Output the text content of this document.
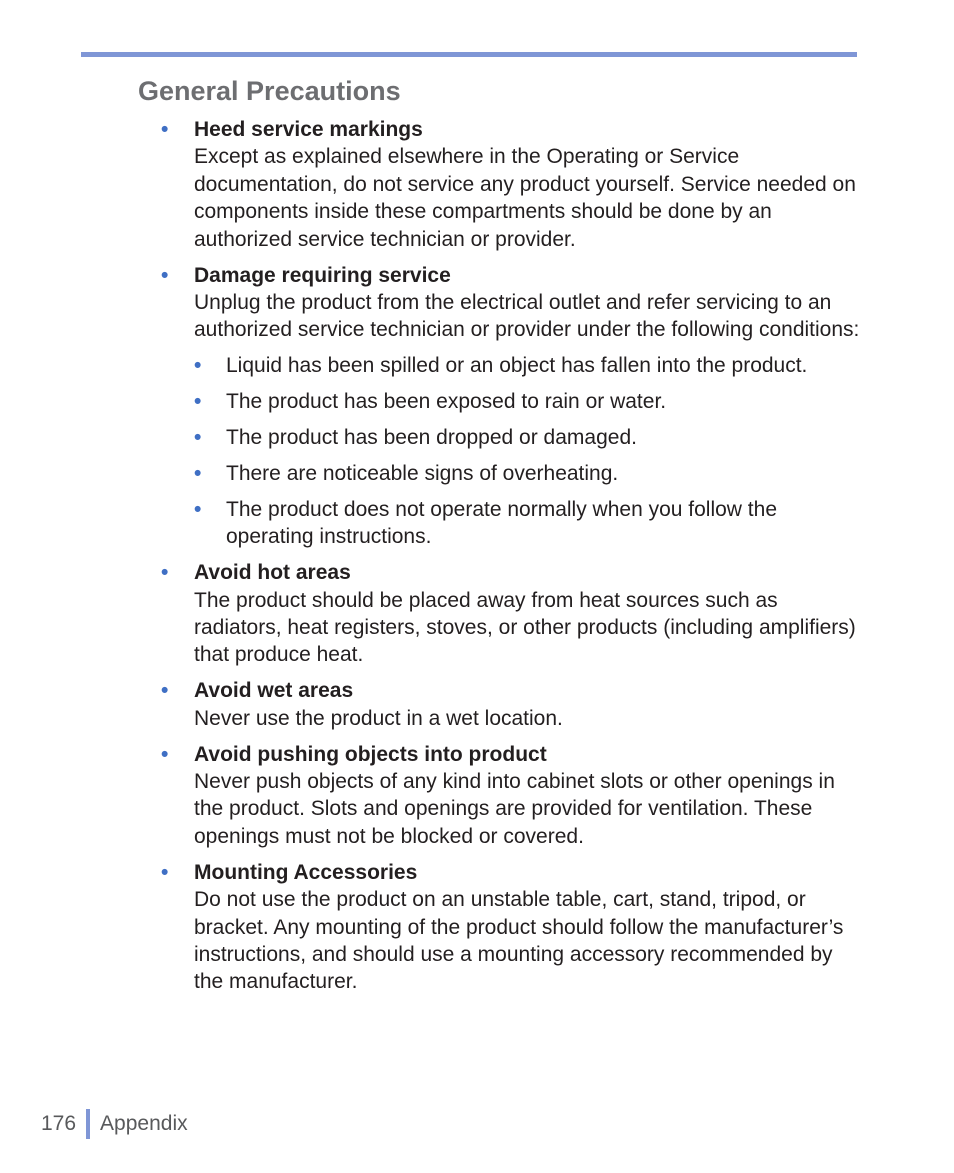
General Precautions
• Heed service markings
Except as explained elsewhere in the Operating or Service documentation, do not service any product yourself. Service needed on components inside these compartments should be done by an authorized service technician or provider.
• Damage requiring service
Unplug the product from the electrical outlet and refer servicing to an authorized service technician or provider under the following conditions:
• Liquid has been spilled or an object has fallen into the product.
• The product has been exposed to rain or water.
• The product has been dropped or damaged.
• There are noticeable signs of overheating.
• The product does not operate normally when you follow the operating instructions.
• Avoid hot areas
The product should be placed away from heat sources such as radiators, heat registers, stoves, or other products (including amplifiers) that produce heat.
• Avoid wet areas
Never use the product in a wet location.
• Avoid pushing objects into product
Never push objects of any kind into cabinet slots or other openings in the product. Slots and openings are provided for ventilation. These openings must not be blocked or covered.
• Mounting Accessories
Do not use the product on an unstable table, cart, stand, tripod, or bracket. Any mounting of the product should follow the manufacturer’s instructions, and should use a mounting accessory recommended by the manufacturer.
176 Appendix
